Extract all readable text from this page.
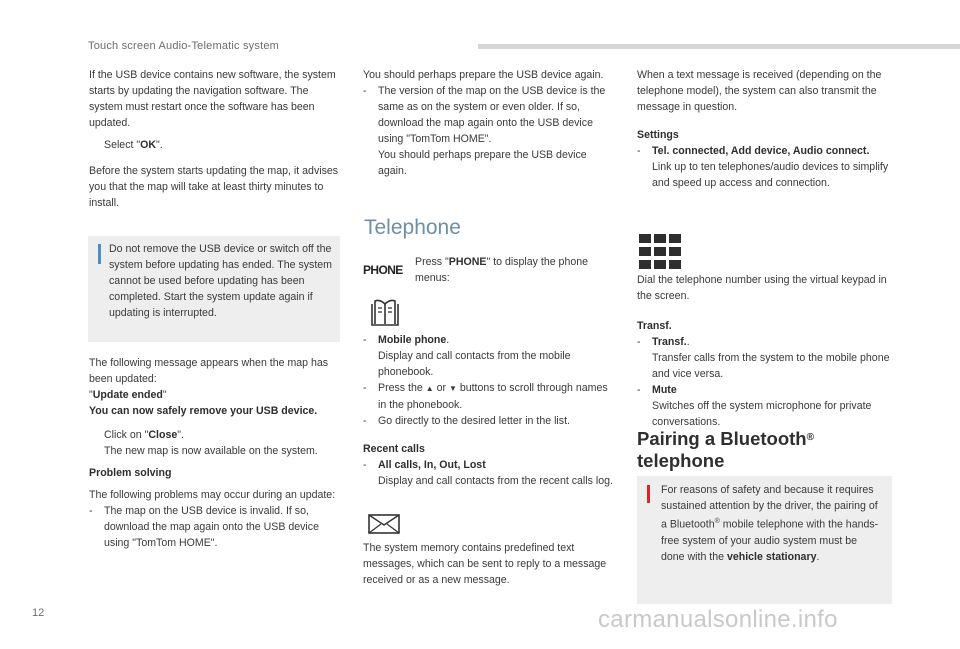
Touch screen Audio-Telematic system

If the USB device contains new software, the system starts by updating the navigation software. The system must restart once the software has been updated.

Select "OK".

Before the system starts updating the map, it advises you that the map will take at least thirty minutes to install.

Do not remove the USB device or switch off the system before updating has ended. The system cannot be used before updating has been completed. Start the system update again if updating is interrupted.

The following message appears when the map has been updated:

"Update ended"

You can now safely remove your USB device.

Click on "Close".
The new map is now available on the system.

Problem solving

The following problems may occur during an update:

-	The map on the USB device is invalid. If so, download the map again onto the USB device using "TomTom HOME".

You should perhaps prepare the USB device again.

-	The version of the map on the USB device is the same as on the system or even older. If so, download the map again onto the USB device using "TomTom HOME".
You should perhaps prepare the USB device again.
Telephone
PHONE
Press "PHONE" to display the phone menus:
-	Mobile phone.
Display and call contacts from the mobile phonebook.
-	Press the ▲ or ▼ buttons to scroll through names in the phonebook.
-	Go directly to the desired letter in the list.

Recent calls

-	All calls, In, Out, Lost
Display and call contacts from the recent calls log.

The system memory contains predefined text messages, which can be sent to reply to a message received or as a new message.

When a text message is received (depending on the telephone model), the system can also transmit the message in question.

Settings

-	Tel. connected, Add device, Audio connect.
Link up to ten telephones/audio devices to simplify and speed up access and connection.

Dial the telephone number using the virtual keypad in the screen.

Transf.

-	Transf..
Transfer calls from the system to the mobile phone and vice versa.
-	Mute
Switches off the system microphone for private conversations.
Pairing a Bluetooth®
telephone

For reasons of safety and because it requires sustained attention by the driver, the pairing of a Bluetooth® mobile telephone with the hands-free system of your audio system must be done with the vehicle stationary.

12	carmanualsonline.info
